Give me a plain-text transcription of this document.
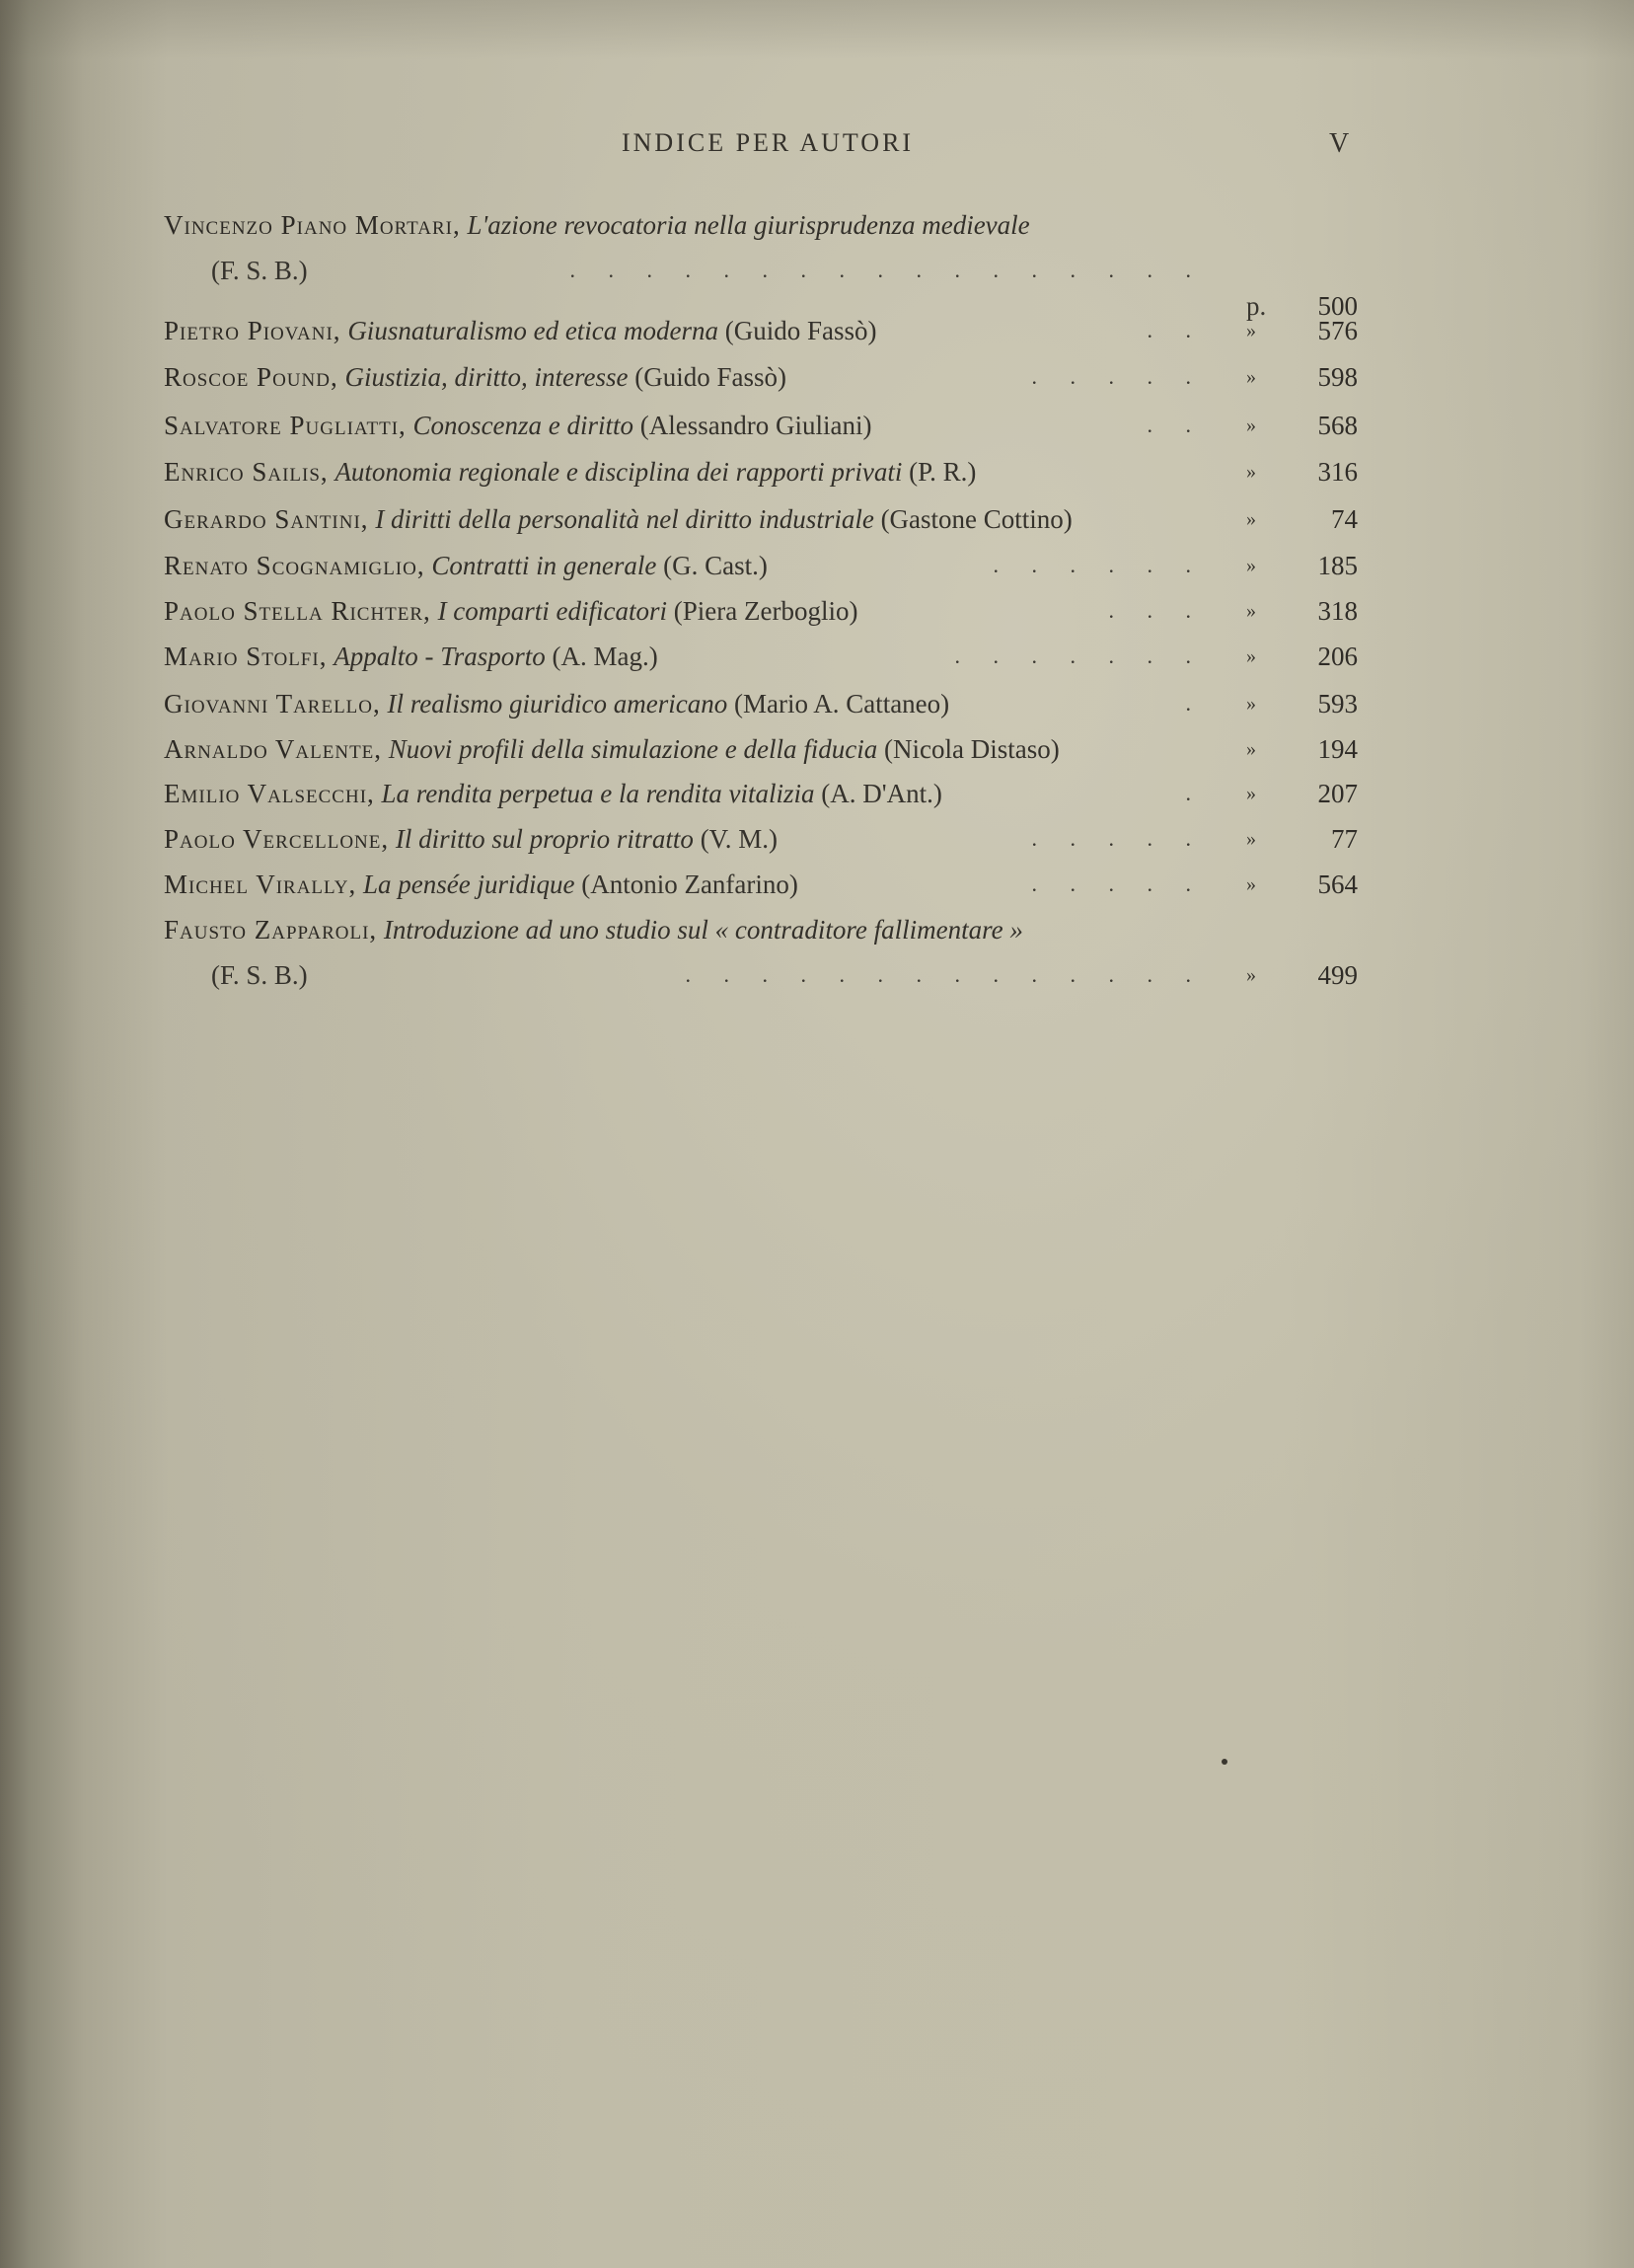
INDICE PER AUTORI	V
Vincenzo Piano Mortari, L'azione revocatoria nella giurisprudenza medievale
(F. S. B.)	. . . . . . . . . . . . . . . . .
p.	500
Pietro Piovani, Giusnaturalismo ed etica moderna (Guido Fassò)	. . »	576
Roscoe Pound, Giustizia, diritto, interesse (Guido Fassò)	. . . . . »	598
Salvatore Pugliatti, Conoscenza e diritto (Alessandro Giuliani)	. . »	568
Enrico Sailis, Autonomia regionale e disciplina dei rapporti privati (P. R.)	»	316
Gerardo Santini, I diritti della personalità nel diritto industriale (Gastone Cottino)	»	74
Renato Scognamiglio, Contratti in generale (G. Cast.)	. . . . . . »	185
Paolo Stella Richter, I comparti edificatori (Piera Zerboglio)	. . . »	318
Mario Stolfi, Appalto - Trasporto (A. Mag.)	. . . . . . . »	206
Giovanni Tarello, Il realismo giuridico americano (Mario A. Cattaneo)	. »	593
Arnaldo Valente, Nuovi profili della simulazione e della fiducia (Nicola Distaso)	»	194
Emilio Valsecchi, La rendita perpetua e la rendita vitalizia (A. D'Ant.)	. »	207
Paolo Vercellone, Il diritto sul proprio ritratto (V. M.)	. . . . . »	77
Michel Virally, La pensée juridique (Antonio Zanfarino)	. . . . . »	564
Fausto Zapparoli, Introduzione ad uno studio sul « contraditore fallimentare »
(F. S. B.)	. . . . . . . . . . . . . . »	499
